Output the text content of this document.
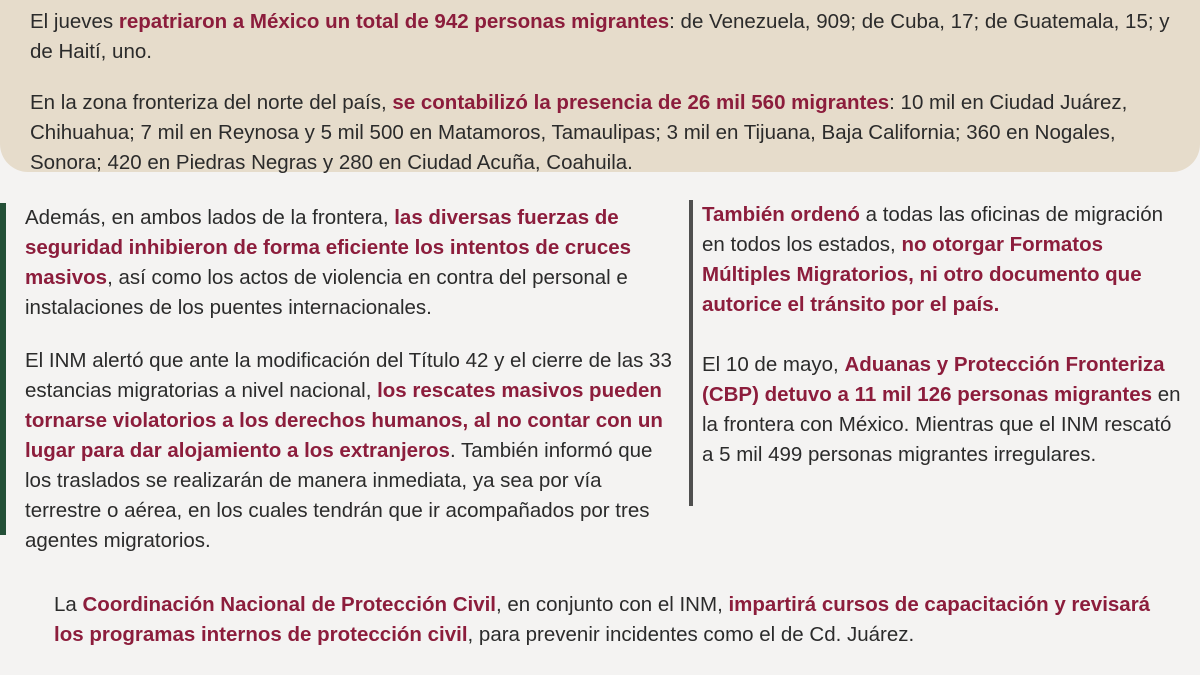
El jueves repatriaron a México un total de 942 personas migrantes: de Venezuela, 909; de Cuba, 17; de Guatemala, 15; y de Haití, uno.

En la zona fronteriza del norte del país, se contabilizó la presencia de 26 mil 560 migrantes: 10 mil en Ciudad Juárez, Chihuahua; 7 mil en Reynosa y 5 mil 500 en Matamoros, Tamaulipas; 3 mil en Tijuana, Baja California; 360 en Nogales, Sonora; 420 en Piedras Negras y 280 en Ciudad Acuña, Coahuila.

Además, en ambos lados de la frontera, las diversas fuerzas de seguridad inhibieron de forma eficiente los intentos de cruces masivos, así como los actos de violencia en contra del personal e instalaciones de los puentes internacionales.

El INM alertó que ante la modificación del Título 42 y el cierre de las 33 estancias migratorias a nivel nacional, los rescates masivos pueden tornarse violatorios a los derechos humanos, al no contar con un lugar para dar alojamiento a los extranjeros. También informó que los traslados se realizarán de manera inmediata, ya sea por vía terrestre o aérea, en los cuales tendrán que ir acompañados por tres agentes migratorios.

También ordenó a todas las oficinas de migración en todos los estados, no otorgar Formatos Múltiples Migratorios, ni otro documento que autorice el tránsito por el país.

El 10 de mayo, Aduanas y Protección Fronteriza (CBP) detuvo a 11 mil 126 personas migrantes en la frontera con México. Mientras que el INM rescató a 5 mil 499 personas migrantes irregulares.

La Coordinación Nacional de Protección Civil, en conjunto con el INM, impartirá cursos de capacitación y revisará los programas internos de protección civil, para prevenir incidentes como el de Cd. Juárez.
